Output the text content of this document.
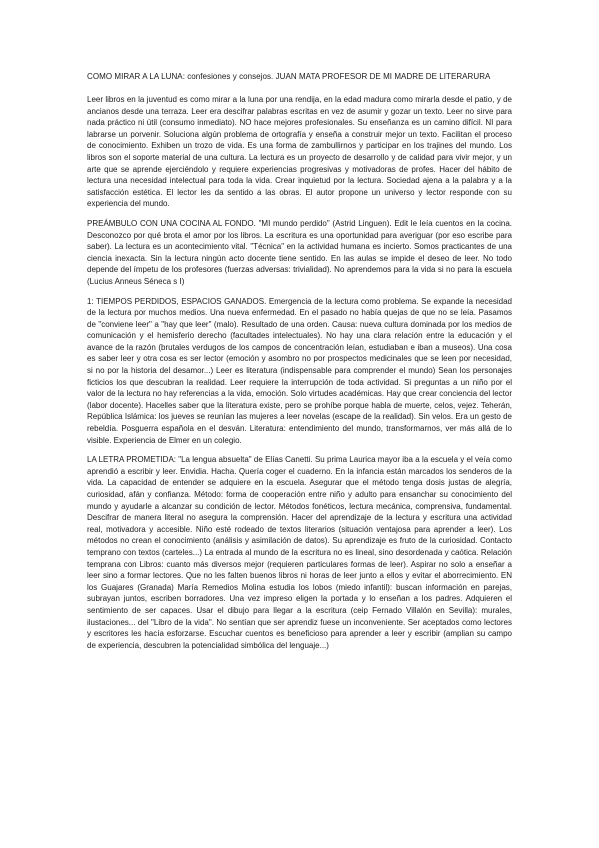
COMO MIRAR A LA LUNA: confesiones y consejos. JUAN MATA PROFESOR DE MI MADRE DE LITERARURA

Leer libros en la juventud es como mirar a la luna por una rendija, en la edad madura como mirarla desde el patio, y de ancianos desde una terraza. Leer era descifrar palabras escritas en vez de asumir y gozar un texto. Leer no sirve para nada práctico ni útil (consumo inmediato). NO hace mejores profesionales. Su enseñanza es un camino difícil. NI para labrarse un porvenir. Soluciona algún problema de ortografía y enseña a construir mejor un texto. Facilitan el proceso de conocimiento. Exhiben un trozo de vida. Es una forma de zambullirnos y participar en los trajines del mundo. Los libros son el soporte material de una cultura. La lectura es un proyecto de desarrollo y de calidad para vivir mejor, y un arte que se aprende ejerciéndolo y requiere experiencias progresivas y motivadoras de profes. Hacer del hábito de lectura una necesidad intelectual para toda la vida. Crear inquietud por la lectura. Sociedad ajena a la palabra y a la satisfacción estética. El lector les da sentido a las obras. El autor propone un universo y lector responde con su experiencia del mundo.

PREÁMBULO CON UNA COCINA AL FONDO. "MI mundo perdido" (Astrid Linguen). Edit le leía cuentos en la cocina. Desconozco por qué brota el amor por los libros. La escritura es una oportunidad para averiguar (por eso escribe para saber). La lectura es un acontecimiento vital. "Técnica" en la actividad humana es incierto. Somos practicantes de una ciencia inexacta. Sin la lectura ningún acto docente tiene sentido. En las aulas se impide el deseo de leer. No todo depende del ímpetu de los profesores (fuerzas adversas: trivialidad). No aprendemos para la vida si no para la escuela (Lucius Anneus Séneca s I)

1: TIEMPOS PERDIDOS, ESPACIOS GANADOS. Emergencia de la lectura como problema. Se expande la necesidad de la lectura por muchos medios. Una nueva enfermedad. En el pasado no había quejas de que no se leía. Pasamos de "conviene leer" a "hay que leer" (malo). Resultado de una orden. Causa: nueva cultura dominada por los medios de comunicación y el hemisferio derecho (facultades intelectuales). No hay una clara relación entre la educación y el avance de la razón (brutales verdugos de los campos de concentración leían, estudiaban e iban a museos). Una cosa es saber leer y otra cosa es ser lector (emoción y asombro no por prospectos medicinales que se leen por necesidad, si no por la historia del desamor...) Leer es literatura (indispensable para comprender el mundo) Sean los personajes ficticios los que descubran la realidad. Leer requiere la interrupción de toda actividad. Si preguntas a un niño por el valor de la lectura no hay referencias a la vida, emoción. Solo virtudes académicas. Hay que crear conciencia del lector (labor docente). Hacelles saber que la literatura existe, pero se prohíbe porque habla de muerte, celos, vejez. Teherán, República Islámica: los jueves se reunían las mujeres a leer novelas (escape de la realidad). Sin velos. Era un gesto de rebeldía. Posguerra española en el desván. Literatura: entendimiento del mundo, transformarnos, ver más allá de lo visible. Experiencia de Elmer en un colegio.

LA LETRA PROMETIDA: "La lengua absuelta" de Elías Canetti. Su prima Laurica mayor iba a la escuela y el veía como aprendió a escribir y leer. Envidia. Hacha. Quería coger el cuaderno. En la infancia están marcados los senderos de la vida. La capacidad de entender se adquiere en la escuela. Asegurar que el método tenga dosis justas de alegría, curiosidad, afán y confianza. Método: forma de cooperación entre niño y adulto para ensanchar su conocimiento del mundo y ayudarle a alcanzar su condición de lector. Métodos fonéticos, lectura mecánica, comprensiva, fundamental. Descifrar de manera literal no asegura la comprensión. Hacer del aprendizaje de la lectura y escritura una actividad real, motivadora y accesible. Niño esté rodeado de textos literarios (situación ventajosa para aprender a leer). Los métodos no crean el conocimiento (análisis y asimilación de datos). Su aprendizaje es fruto de la curiosidad. Contacto temprano con textos (carteles...) La entrada al mundo de la escritura no es lineal, sino desordenada y caótica. Relación temprana con Libros: cuanto más diversos mejor (requieren particulares formas de leer). Aspirar no solo a enseñar a leer sino a formar lectores. Que no les falten buenos libros ni horas de leer junto a ellos y evitar el aborrecimiento. EN los Guajares (Granada) María Remedios Molina estudia los lobos (miedo infantil): buscan información en parejas, subrayan juntos, escriben borradores. Una vez impreso eligen la portada y lo enseñan a los padres. Adquieren el sentimiento de ser capaces. Usar el dibujo para llegar a la escritura (ceip Fernado Villalón en Sevilla): murales, ilustaciones... del "Libro de la vida". No sentían que ser aprendiz fuese un inconveniente. Ser aceptados como lectores y escritores les hacía esforzarse. Escuchar cuentos es beneficioso para aprender a leer y escribir (amplian su campo de experiencia, descubren la potencialidad simbólica del lenguaje...)
